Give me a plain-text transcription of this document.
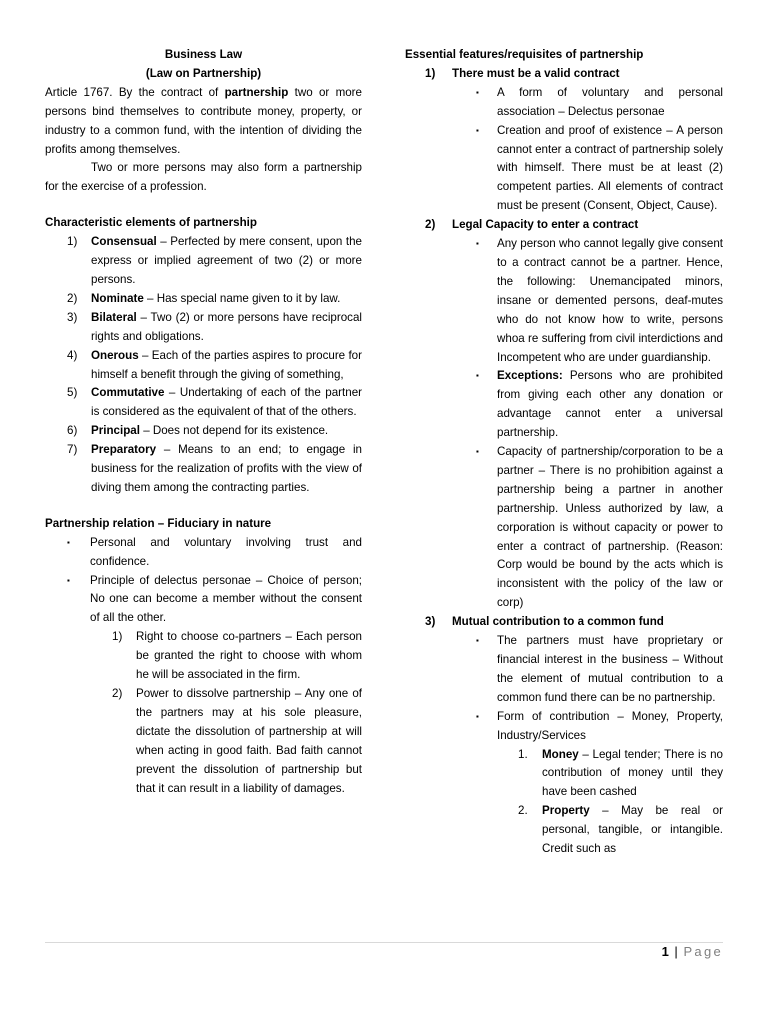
Business Law

(Law on Partnership)

Article 1767. By the contract of partnership two or more persons bind themselves to contribute money, property, or industry to a common fund, with the intention of dividing the profits among themselves.

Two or more persons may also form a partnership for the exercise of a profession.

Characteristic elements of partnership

1) Consensual – Perfected by mere consent, upon the express or implied agreement of two (2) or more persons.
2) Nominate – Has special name given to it by law.
3) Bilateral – Two (2) or more persons have reciprocal rights and obligations.
4) Onerous – Each of the parties aspires to procure for himself a benefit through the giving of something,
5) Commutative – Undertaking of each of the partner is considered as the equivalent of that of the others.
6) Principal – Does not depend for its existence.
7) Preparatory – Means to an end; to engage in business for the realization of profits with the view of diving them among the contracting parties.

Partnership relation – Fiduciary in nature

▪ Personal and voluntary involving trust and confidence.
▪ Principle of delectus personae – Choice of person; No one can become a member without the consent of all the other.
1) Right to choose co-partners – Each person be granted the right to choose with whom he will be associated in the firm.
2) Power to dissolve partnership – Any one of the partners may at his sole pleasure, dictate the dissolution of partnership at will when acting in good faith. Bad faith cannot prevent the dissolution of partnership but that it can result in a liability of damages.

Essential features/requisites of partnership

1) There must be a valid contract
▪ A form of voluntary and personal association – Delectus personae
▪ Creation and proof of existence – A person cannot enter a contract of partnership solely with himself. There must be at least (2) competent parties. All elements of contract must be present (Consent, Object, Cause).
2) Legal Capacity to enter a contract
▪ Any person who cannot legally give consent to a contract cannot be a partner. Hence, the following: Unemancipated minors, insane or demented persons, deaf-mutes who do not know how to write, persons whoa re suffering from civil interdictions and Incompetent who are under guardianship.
▪ Exceptions: Persons who are prohibited from giving each other any donation or advantage cannot enter a universal partnership.
▪ Capacity of partnership/corporation to be a partner – There is no prohibition against a partnership being a partner in another partnership. Unless authorized by law, a corporation is without capacity or power to enter a contract of partnership. (Reason: Corp would be bound by the acts which is inconsistent with the policy of the law or corp)
3) Mutual contribution to a common fund
▪ The partners must have proprietary or financial interest in the business – Without the element of mutual contribution to a common fund there can be no partnership.
▪ Form of contribution – Money, Property, Industry/Services
1. Money – Legal tender; There is no contribution of money until they have been cashed
2. Property – May be real or personal, tangible, or intangible. Credit such as
1 | Page
